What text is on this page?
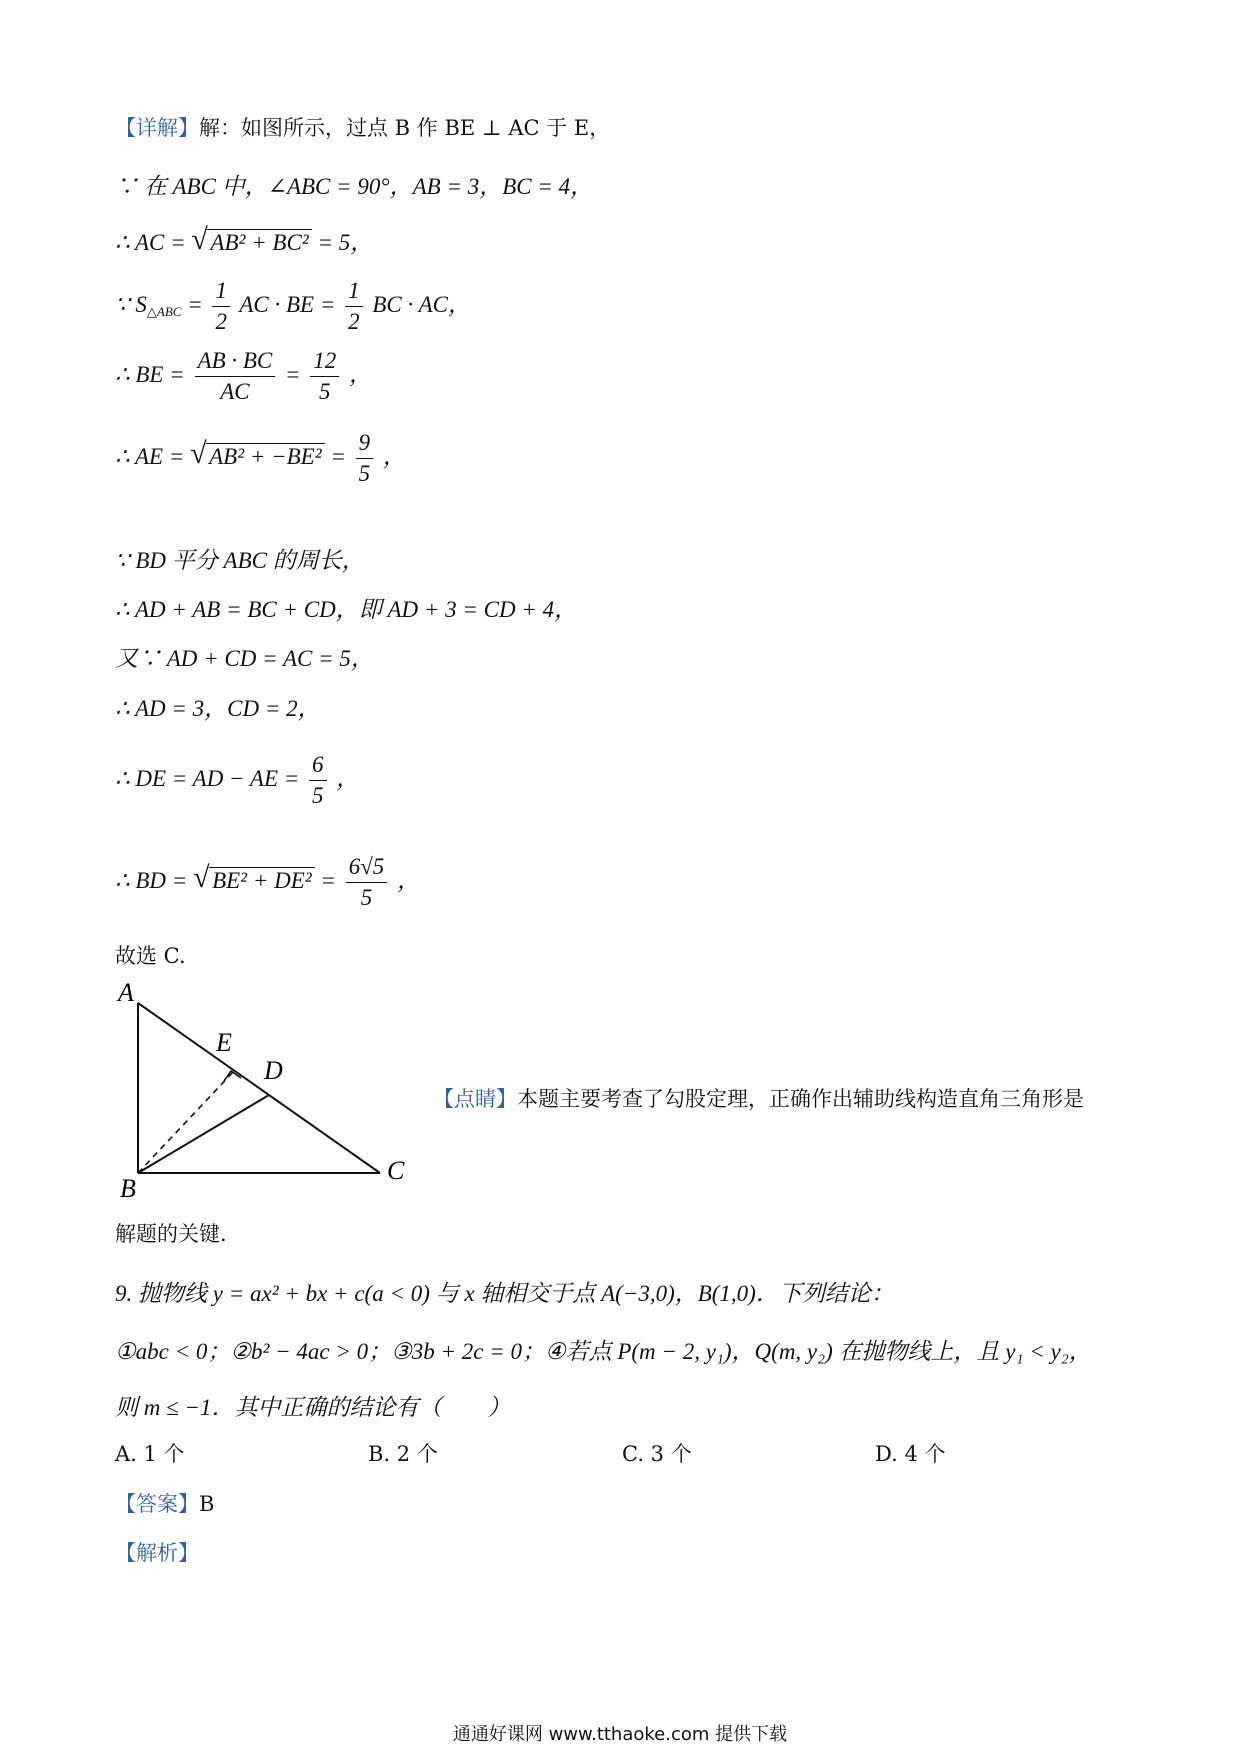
【详解】解：如图所示，过点 B 作 BE ⊥ AC 于 E，
∵ 在 ABC 中，∠ABC = 90°，AB = 3，BC = 4，
∴ AC = √ AB² + BC² = 5，
∵ $S_{\triangle ABC} = \frac{1}{2}$ AC · BE = $\frac{1}{2}$ BC · AC，
∴ BE = $\frac{AB \cdot BC}{AC} = \frac{12}{5}$ ，
∴ AE = √ $AB^2 + -BE^2 = \frac{9}{5}$ ，
∵ BD 平分 ABC 的周长，
∴ AD + AB = BC + CD，即 AD + 3 = CD + 4，
又∵ AD + CD = AC = 5，
∴ AD = 3，CD = 2，
∴ DE = AD − AE = $\frac{6}{5}$ ，
∴ BD = √ $BE^2 + DE^2 = \frac{6√5}{5}$ ，
故选 C.
A
B
C
D
E
【点睛】本题主要考查了勾股定理，正确作出辅助线构造直角三角形是
解题的关键.
9. 抛物线 y = ax² + bx + c(a < 0) 与 x 轴相交于点 A(−3,0)，B(1,0)．下列结论：
①abc < 0；②b² − 4ac > 0；③3b + 2c = 0；④若点 P(m − 2, y₁)，Q(m, y₂) 在抛物线上，且 y₁ < y₂，
则 m ≤ −1．其中正确的结论有（　　）
A. 1 个	B. 2 个	C. 3 个	D. 4 个
【答案】B
【解析】
通通好课网 www.tthaoke.com 提供下载
